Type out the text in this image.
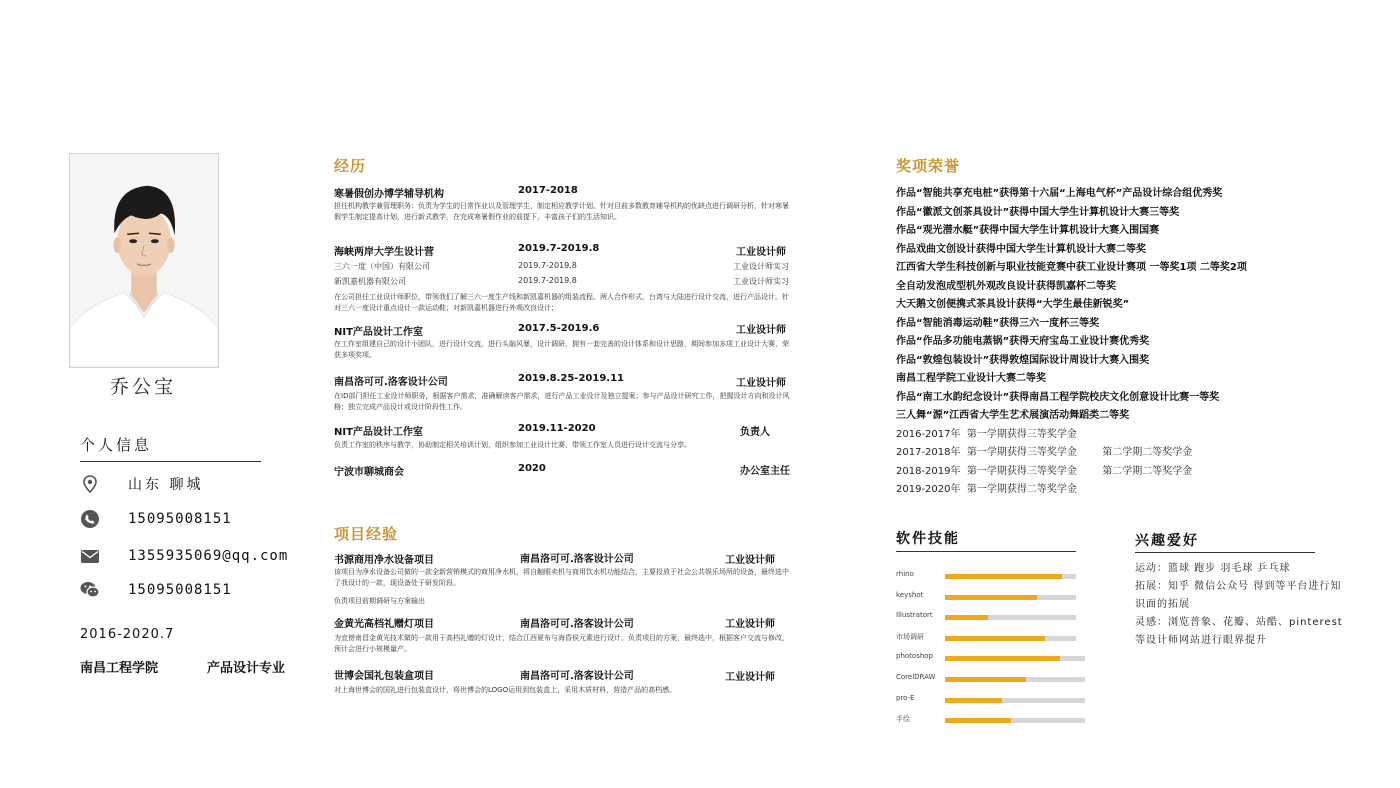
乔公宝
个人信息
山东 聊城
15095008151
1355935069@qq.com
15095008151
2016-2020.7
南昌工程学院	产品设计专业
经历
寒暑假创办博学辅导机构	2017-2018
担任机构教学兼管理职务：负责为学生的日常作业以及管理学生，制定相应教学计划。针对目前多数教育辅导机构的优缺点进行调研分析，针对寒暑假学生制定提高计划，进行新式教学，在完成寒暑假作业的前提下，丰富孩子们的生活知识。
海峡两岸大学生设计营	2019.7-2019.8	工业设计师
三六一度（中国）有限公司	2019.7-2019.8	工业设计师实习
新凯嘉机器有限公司	2019.7-2019.8	工业设计师实习
在公司担任工业设计师职位，带领我们了解三六一度生产线和新凯嘉机器的组装流程。两人合作形式，台湾与大陆进行设计交流，进行产品设计。针对三六一度设计重点设计一款运动鞋；对新凯嘉机器进行外观改良设计；
NIT产品设计工作室	2017.5-2019.6	工业设计师
在工作室组建自己的设计小团队，进行设计交流，进行头脑风暴，设计调研，拥有一套完善的设计体系和设计思路，期间参加多项工业设计大赛，荣获多项奖项。
南昌洛可可.洛客设计公司	2019.8.25-2019.11	工业设计师
在ID部门担任工业设计师职务，根据客户需求，准确解读客户需求，进行产品工业设计及独立提案；参与产品设计研究工作，把握设计方向和设计风格；独立完成产品设计或设计阶段性工作。
NIT产品设计工作室	2019.11-2020	负责人
负责工作室的秩序与教学，协助制定相关培训计划，组织参加工业设计比赛，带领工作室人员进行设计交流与分享。
宁波市聊城商会	2020	办公室主任
项目经验
书源商用净水设备项目	南昌洛可可.洛客设计公司	工业设计师
该项目为净水设备公司做的一款全新营销模式的商用净水机，将自触眼卖机与商用饮水机功能结合，主要投放于社会公共娱乐场所的设备，最终选中了我设计的一款，现设备处于研发阶段。
负责项目前期调研与方案输出
金黄光高档礼赠灯项目	南昌洛可可.洛客设计公司	工业设计师
为宜傍南昌金黄光技术做的一款用于高档礼赠的灯设计，结合江西夏布与海昏侯元素进行设计。负责项目的方案，最终选中，根据客户交流与修改，预计会进行小规模量产。
世博会国礼包装盒项目	南昌洛可可.洛客设计公司	工业设计师
对上海世博会的国礼进行包装盒设计，将世博会的LOGO运用到包装盒上，采用木质材料，营造产品的高档感。
奖项荣誉
作品“智能共享充电桩”获得第十六届“上海电气杯”产品设计综合组优秀奖
作品“徽派文创茶具设计”获得中国大学生计算机设计大赛三等奖
作品“观光潜水艇”获得中国大学生计算机设计大赛入围国赛
作品戏曲文创设计获得中国大学生计算机设计大赛二等奖
江西省大学生科技创新与职业技能竞赛中获工业设计赛项 一等奖1项 二等奖2项
全自动发泡成型机外观改良设计获得凯嘉杯二等奖
大天鹅文创便携式茶具设计获得“大学生最佳新锐奖”
作品“智能消毒运动鞋”获得三六一度杯三等奖
作品“作品多功能电蒸锅”获得天府宝岛工业设计赛优秀奖
作品“敦煌包装设计”获得敦煌国际设计周设计大赛入围奖
南昌工程学院工业设计大赛二等奖
作品“南工水韵纪念设计”获得南昌工程学院校庆文化创意设计比赛一等奖
三人舞“源”江西省大学生艺术展演活动舞蹈类二等奖
2016-2017年  第一学期获得三等奖学金
2017-2018年  第一学期获得三等奖学金        第二学期二等奖学金
2018-2019年  第一学期获得三等奖学金        第二学期二等奖学金
2019-2020年  第一学期获得二等奖学金
软件技能
rhino
keyshot
Illustratort
市场调研
photoshop
CorelDRAW
pro-E
手绘
兴趣爱好
运动：篮球 跑步 羽毛球 乒乓球
拓展：知乎 微信公众号 得到等平台进行知识面的拓展
灵感：浏览普象、花瓣、站酷、pinterest等设计师网站进行眼界提升
